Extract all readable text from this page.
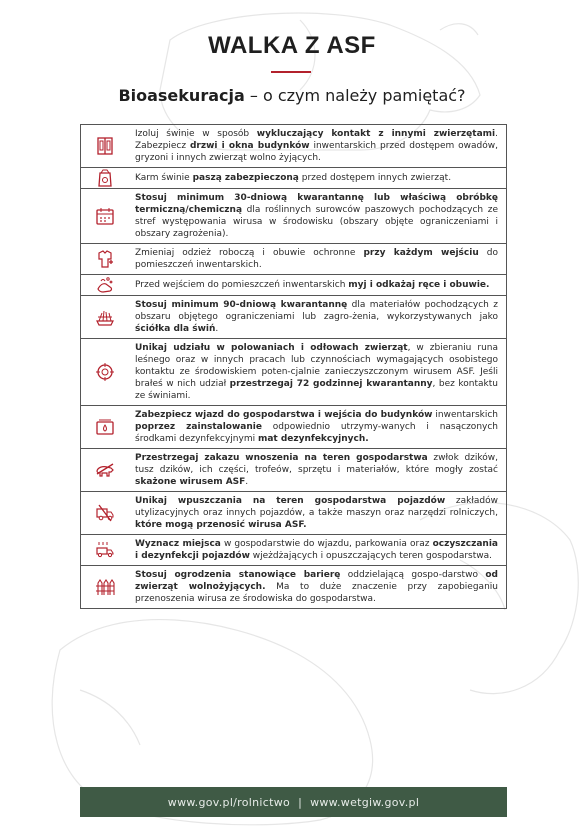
WALKA Z ASF
Bioasekuracja – o czym należy pamiętać?
Izoluj świnie w sposób wykluczający kontakt z innymi zwierzętami. Zabezpiecz drzwi i okna budynków inwentarskich przed dostępem owadów, gryzoni i innych zwierząt wolno żyjących.
Karm świnie paszą zabezpieczoną przed dostępem innych zwierząt.
Stosuj minimum 30-dniową kwarantannę lub właściwą obróbkę termiczną/chemiczną dla roślinnych surowców paszowych pochodzących ze stref występowania wirusa w środowisku (obszary objęte ograniczeniami i obszary zagrożenia).
Zmieniaj odzież roboczą i obuwie ochronne przy każdym wejściu do pomieszczeń inwentarskich.
Przed wejściem do pomieszczeń inwentarskich myj i odkażaj ręce i obuwie.
Stosuj minimum 90-dniową kwarantannę dla materiałów pochodzących z obszaru objętego ograniczeniami lub zagro-żenia, wykorzystywanych jako ściółka dla świń.
Unikaj udziału w polowaniach i odłowach zwierząt, w zbieraniu runa leśnego oraz w innych pracach lub czynnościach wymagających osobistego kontaktu ze środowiskiem poten-cjalnie zanieczyszczonym wirusem ASF. Jeśli brałeś w nich udział przestrzegaj 72 godzinnej kwarantanny, bez kontaktu ze świniami.
Zabezpiecz wjazd do gospodarstwa i wejścia do budynków inwentarskich poprzez zainstalowanie odpowiednio utrzymy-wanych i nasączonych środkami dezynfekcyjnymi mat dezynfekcyjnych.
Przestrzegaj zakazu wnoszenia na teren gospodarstwa zwłok dzików, tusz dzików, ich części, trofeów, sprzętu i materiałów, które mogły zostać skażone wirusem ASF.
Unikaj wpuszczania na teren gospodarstwa pojazdów zakładów utylizacyjnych oraz innych pojazdów, a także maszyn oraz narzędzi rolniczych, które mogą przenosić wirusa ASF.
Wyznacz miejsca w gospodarstwie do wjazdu, parkowania oraz oczyszczania i dezynfekcji pojazdów wjeżdżających i opuszczających teren gospodarstwa.
Stosuj ogrodzenia stanowiące barierę oddzielającą gospo-darstwo od zwierząt wolnożyjących. Ma to duże znaczenie przy zapobieganiu przenoszenia wirusa ze środowiska do gospodarstwa.
www.gov.pl/rolnictwo | www.wetgiw.gov.pl
